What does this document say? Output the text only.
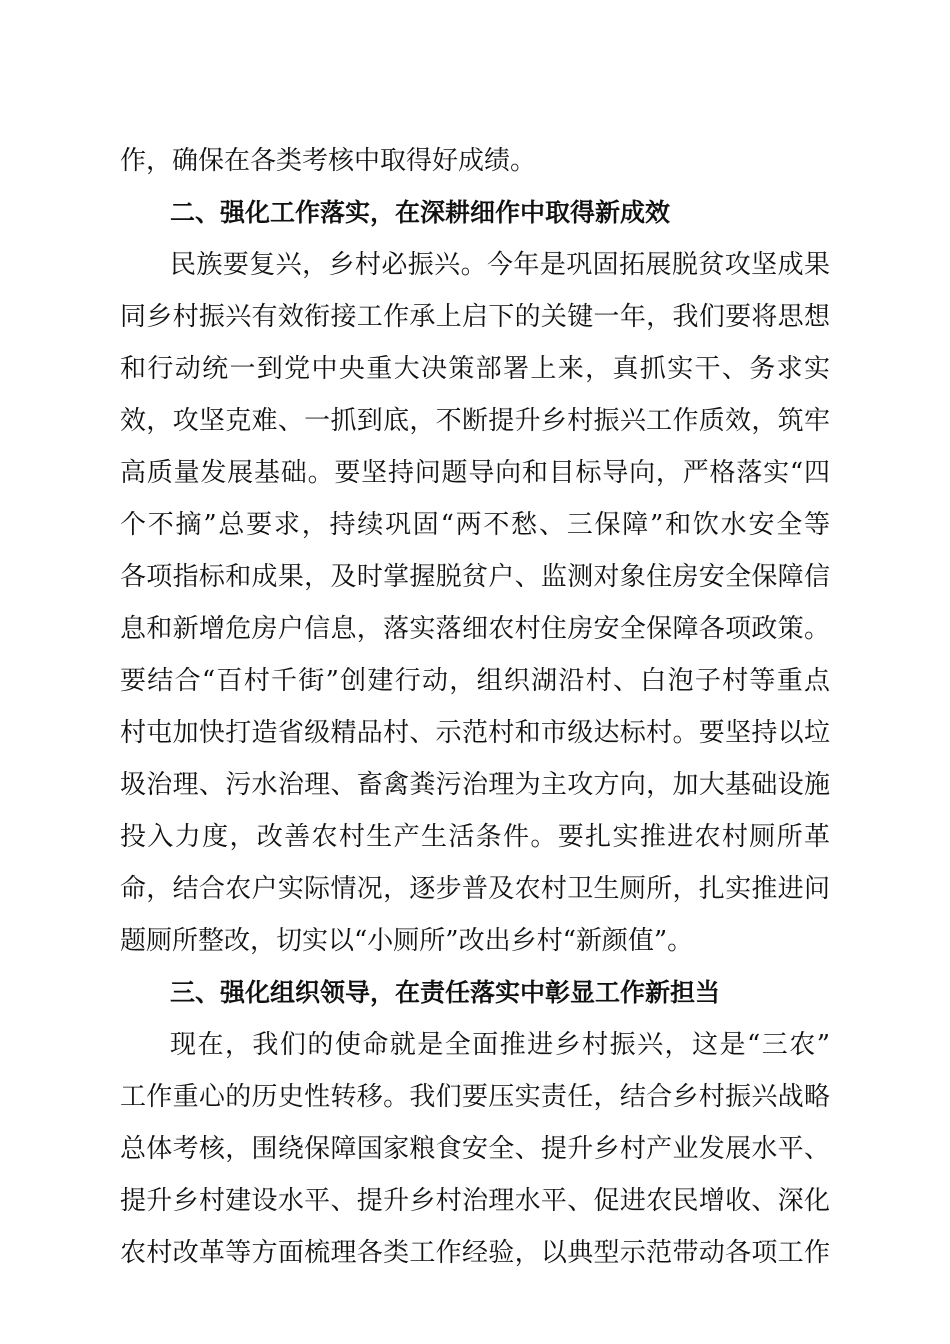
作，确保在各类考核中取得好成绩。
二、强化工作落实，在深耕细作中取得新成效
民族要复兴，乡村必振兴。今年是巩固拓展脱贫攻坚成果
同乡村振兴有效衔接工作承上启下的关键一年，我们要将思想
和行动统一到党中央重大决策部署上来，真抓实干、务求实
效，攻坚克难、一抓到底，不断提升乡村振兴工作质效，筑牢
高质量发展基础。要坚持问题导向和目标导向，严格落实“四
个不摘”总要求，持续巩固“两不愁、三保障”和饮水安全等
各项指标和成果，及时掌握脱贫户、监测对象住房安全保障信
息和新增危房户信息，落实落细农村住房安全保障各项政策。
要结合“百村千街”创建行动，组织湖沿村、白泡子村等重点
村屯加快打造省级精品村、示范村和市级达标村。要坚持以垃
圾治理、污水治理、畜禽粪污治理为主攻方向，加大基础设施
投入力度，改善农村生产生活条件。要扎实推进农村厕所革
命，结合农户实际情况，逐步普及农村卫生厕所，扎实推进问
题厕所整改，切实以“小厕所”改出乡村“新颜值”。
三、强化组织领导，在责任落实中彰显工作新担当
现在，我们的使命就是全面推进乡村振兴，这是“三农”
工作重心的历史性转移。我们要压实责任，结合乡村振兴战略
总体考核，围绕保障国家粮食安全、提升乡村产业发展水平、
提升乡村建设水平、提升乡村治理水平、促进农民增收、深化
农村改革等方面梳理各类工作经验，以典型示范带动各项工作
